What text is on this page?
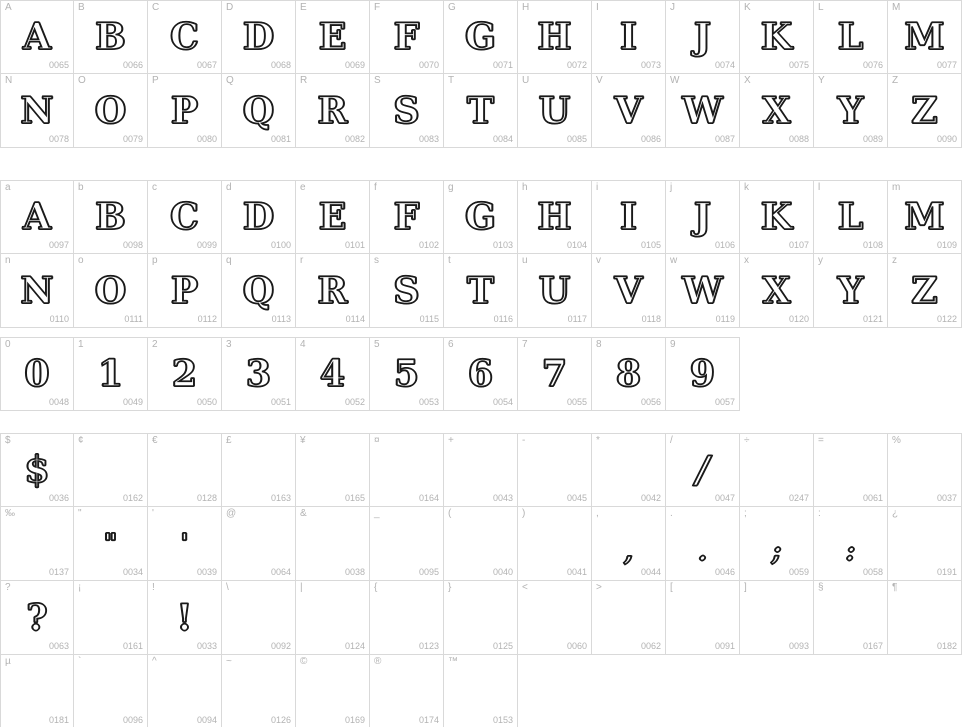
A
0065
A
B
0066
B
C
0067
C
D
0068
D
E
0069
E
F
0070
F
G
0071
G
H
0072
H
I
0073
I
J
0074
J
K
0075
K
L
0076
L
M
0077
M
N
0078
N
O
0079
O
P
0080
P
Q
0081
Q
R
0082
R
S
0083
S
T
0084
T
U
0085
U
V
0086
V
W
0087
W
X
0088
X
Y
0089
Y
Z
0090
Z
a
0097
A
b
0098
B
c
0099
C
d
0100
D
e
0101
E
f
0102
F
g
0103
G
h
0104
H
i
0105
I
j
0106
J
k
0107
K
l
0108
L
m
0109
M
n
0110
N
o
0111
O
p
0112
P
q
0113
Q
r
0114
R
s
0115
S
t
0116
T
u
0117
U
v
0118
V
w
0119
W
x
0120
X
y
0121
Y
z
0122
Z
0
0048
0
1
0049
1
2
0050
2
3
0051
3
4
0052
4
5
0053
5
6
0054
6
7
0055
7
8
0056
8
9
0057
9
$
0036
$
¢
0162
€
0128
£
0163
¥
0165
¤
0164
+
0043
-
0045
*
0042
/
0047
/
÷
0247
=
0061
%
0037
‰
0137
"
0034
"
'
0039
'
@
0064
&
0038
_
0095
(
0040
)
0041
,
0044
,
.
0046
.
;
0059
;
:
0058
:
¿
0191
?
0063
?
¡
0161
!
0033
!
\
0092
|
0124
{
0123
}
0125
<
0060
>
0062
[
0091
]
0093
§
0167
¶
0182
µ
0181
`
0096
^
0094
~
0126
©
0169
®
0174
™
0153
